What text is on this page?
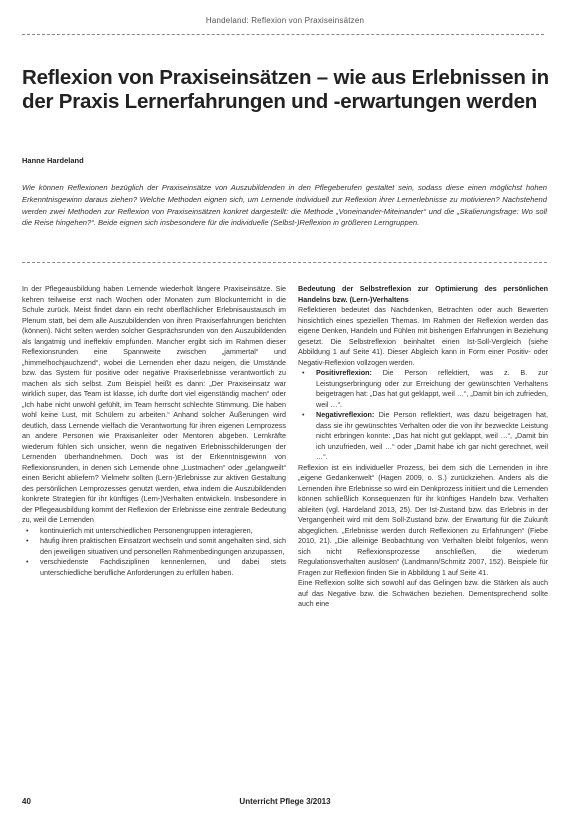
Handeland: Reflexion von Praxiseinsätzen
Reflexion von Praxiseinsätzen – wie aus Erlebnissen in der Praxis Lernerfahrungen und -erwartungen werden
Hanne Hardeland

Wie können Reflexionen bezüglich der Praxiseinsätze von Auszubildenden in den Pflegeberufen gestaltet sein, sodass diese einen möglichst hohen Erkenntnisgewinn daraus ziehen? Welche Methoden eignen sich, um Lernende individuell zur Reflexion ihrer Lernerlebnisse zu motivieren? Nachstehend werden zwei Methoden zur Reflexion von Praxiseinsätzen konkret dargestellt: die Methode „Voneinander-Miteinander“ und die „Skalierungsfrage: Wo soll die Reise hingehen?“. Beide eignen sich insbesondere für die individuelle (Selbst-)Reflexion in größeren Lerngruppen.

In der Pflegeausbildung haben Lernende wiederholt längere Praxiseinsätze. Sie kehren teilweise erst nach Wochen oder Monaten zum Blockunterricht in die Schule zurück. Meist findet dann ein recht oberflächlicher Erlebnisaustausch im Plenum statt, bei dem alle Auszubildenden von ihren Praxiserfahrungen berichten (können). Nicht selten werden solcher Gesprächsrunden von den Auszubildenden als langatmig und ineffektiv empfunden. Mancher ergibt sich im Rahmen dieser Reflexionsrunden eine Spannweite zwischen „jammertal“ und „himmelhochjauchzend“, wobei die Lernenden eher dazu neigen, die Umstände bzw. das System für positive oder negative Praxiserlebnisse verantwortlich zu machen als sich selbst. Zum Beispiel heißt es dann: „Der Praxiseinsatz war wirklich super, das Team ist klasse, ich durfte dort viel eigenständig machen“ oder „Ich habe nicht unwohl gefühlt, im Team herrscht schlechte Stimmung. Die haben wohl keine Lust, mit Schülern zu arbeiten.“ Anhand solcher Äußerungen wird deutlich, dass Lernende vielfach die Verantwortung für ihren eigenen Lernprozess an andere Personen wie Praxisanleiter oder Mentoren abgeben. Lernkräfte wiederum fühlen sich unsicher, wenn die negativen Erlebnisschilderungen der Lernenden überhandnehmen. Doch was ist der Erkenntnisgewinn von Reflexionsrunden, in denen sich Lernende ohne „Lustmachen“ oder „gelangweilt“ einen Bericht abliefern? Vielmehr sollten (Lern-)Erlebnisse zur aktiven Gestaltung des persönlichen Lernprozesses genutzt werden, etwa indem die Auszubildenden konkrete Strategien für ihr künftiges (Lern-)Verhalten entwickeln. Insbesondere in der Pflegeausbildung kommt der Reflexion der Erlebnisse eine zentrale Bedeutung zu, weil die Lernenden

• kontinuierlich mit unterschiedlichen Personengruppen interagieren,
• häufig ihren praktischen Einsatzort wechseln und somit angehalten sind, sich den jeweiligen situativen und personellen Rahmenbedingungen anzupassen,
• verschiedenste Fachdisziplinen kennenlernen, und dabei stets unterschiedliche berufliche Anforderungen zu erfüllen haben.

Bedeutung der Selbstreflexion zur Optimierung des persönlichen Handelns bzw. (Lern-)Verhaltens

Reflektieren bedeutet das Nachdenken, Betrachten oder auch Bewerten hinsichtlich eines speziellen Themas. Im Rahmen der Reflexion werden das eigene Denken, Handeln und Fühlen mit bisherigen Erfahrungen in Beziehung gesetzt. Die Selbstreflexion beinhaltet einen Ist-Soll-Vergleich (siehe Abbildung 1 auf Seite 41). Dieser Abgleich kann in Form einer Positiv- oder Negativ-Reflexion vollzogen werden.

• Positivreflexion: Die Person reflektiert, was z. B. zur Leistungserbringung oder zur Erreichung der gewünschten Verhaltens beigetragen hat: „Das hat gut geklappt, weil …“, „Damit bin ich zufrieden, weil …“.
• Negativreflexion: Die Person reflektiert, was dazu beigetragen hat, dass sie ihr gewünschtes Verhalten oder die von ihr bezweckte Leistung nicht erbringen konnte: „Das hat nicht gut geklappt, weil …“, „Damit bin ich unzufrieden, weil …“ oder „Damit habe ich gar nicht gerechnet, weil …“.

Reflexion ist ein individueller Prozess, bei dem sich die Lernenden in ihre „eigene Gedankenwelt“ (Hagen 2009, o. S.) zurückziehen. Anders als die Lernenden ihre Erlebnisse so wird ein Denkprozess initiiert und die Lernenden können schließlich Konsequenzen für ihr künftiges Handeln bzw. Verhalten ableiten (vgl. Hardeland 2013, 25). Der Ist-Zustand bzw. das Erlebnis in der Vergangenheit wird mit dem Soll-Zustand bzw. der Erwartung für die Zukunft abgeglichen. „Erlebnisse werden durch Reflexionen zu Erfahrungen“ (Fiebe 2010, 21). „Die alleinige Beobachtung von Verhalten bleibt folgenlos, wenn sich nicht Reflexionsprozesse anschließen, die wiederum Regulationsverhalten auslösen“ (Landmann/Schmitz 2007, 152). Beispiele für Fragen zur Reflexion finden Sie in Abbildung 1 auf Seite 41.

Eine Reflexion sollte sich sowohl auf das Gelingen bzw. die Stärken als auch auf das Negative bzw. die Schwächen beziehen. Dementsprechend sollte auch eine

40	Unterricht Pflege 3/2013
